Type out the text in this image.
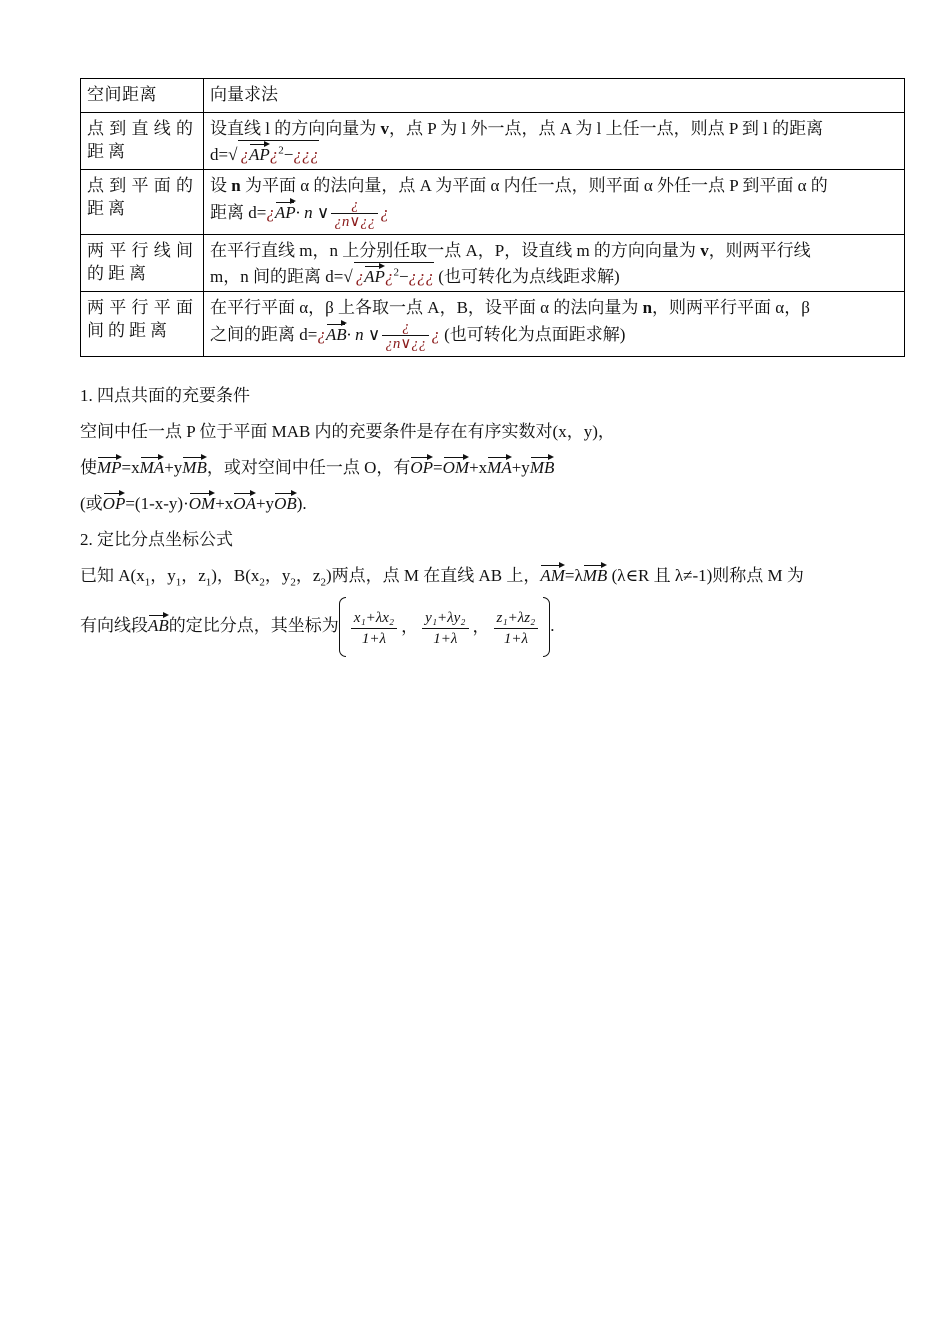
空间距离	向量求法
点到直线的距离	设直线 l 的方向向量为 v，点 P 为 l 外一点，点 A 为 l 上任一点，则点 P 到 l 的距离
d=√ ¿AP¿$^2$−¿¿¿
点到平面的距离	设 n 为平面 α 的法向量，点 A 为平面 α 内任一点，则平面 α 外任一点 P 到平面 α 的
距离 d=¿AP· n ∨ $\frac{¿}{¿n\vee¿¿}$ ¿
两平行线间的距离	在平行直线 m，n 上分别任取一点 A，P，设直线 m 的方向向量为 v，则两平行线
m，n 间的距离 d=√ ¿AP¿$^2$−¿¿¿ (也可转化为点线距求解)
两平行平面间的距离	在平行平面 α，β 上各取一点 A，B，设平面 α 的法向量为 n，则两平行平面 α，β
之间的距离 d=¿AB· n ∨ $\frac{¿}{¿n\vee¿¿}$ ¿ (也可转化为点面距求解)
1. 四点共面的充要条件
空间中任一点 P 位于平面 MAB 内的充要条件是存在有序实数对(x，y)，
使MP=xMA+yMB，或对空间中任一点 O，有OP=OM+xMA+yMB
(或OP=(1-x-y)·OM+xOA+yOB).
2. 定比分点坐标公式
已知 $A(x_1$，$y_1$，$z_1$)，$B(x_2$，$y_2$，$z_2$)两点，点 M 在直线 AB 上，AM=λMB (λ∈R 且 λ≠-1)则称点 M 为
有向线段AB的定比分点，其坐标为 $\frac{\text{x₁+λx₂}}{1+\lambda}$ ， $\frac{\text{y₁+λy₂}}{1+\lambda}$ ， $\frac{\text{z₁+λz₂}}{1+\lambda}$ .
